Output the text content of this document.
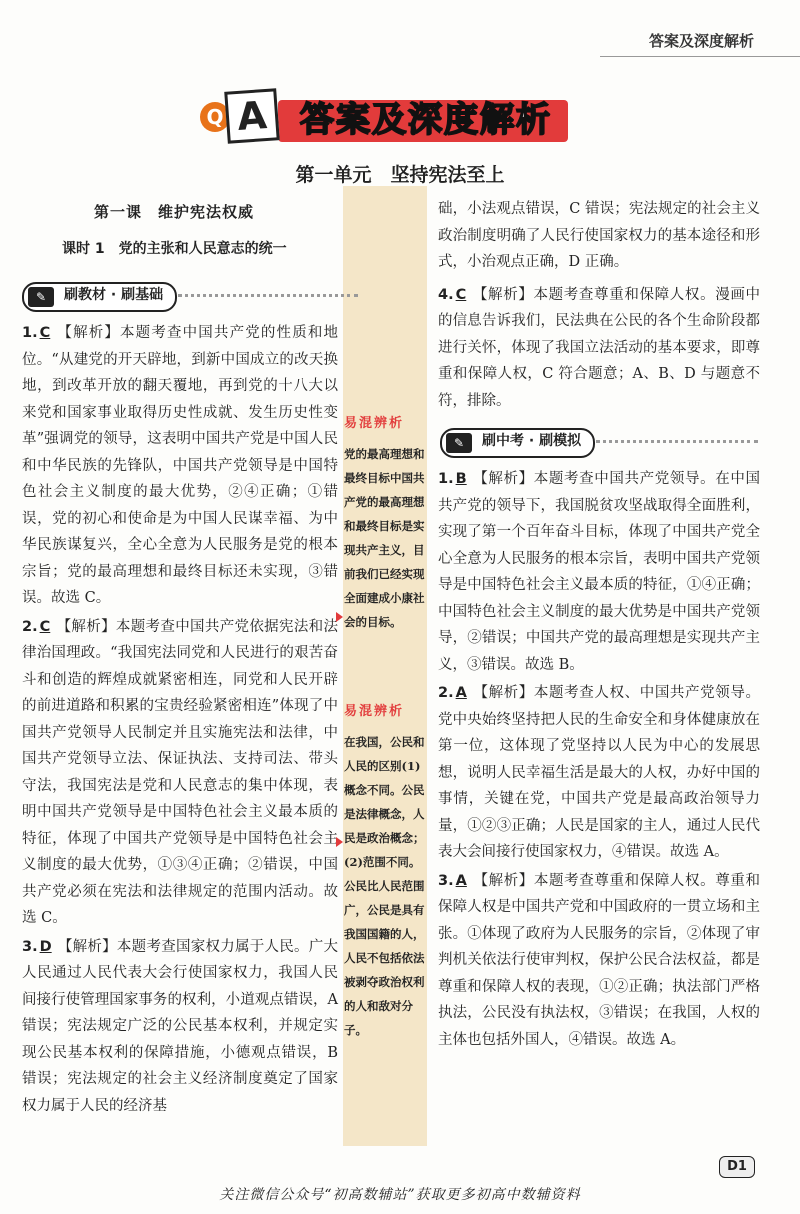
答案及深度解析
Q A 答案及深度解析
第一单元　坚持宪法至上
第一课　维护宪法权威
课时 1　党的主张和人民意志的统一
✎	刷教材 · 刷基础

1. C 【解析】本题考查中国共产党的性质和地位。“从建党的开天辟地，到新中国成立的改天换地，到改革开放的翻天覆地，再到党的十八大以来党和国家事业取得历史性成就、发生历史性变革”强调党的领导，这表明中国共产党是中国人民和中华民族的先锋队，中国共产党领导是中国特色社会主义制度的最大优势，②④正确；①错误，党的初心和使命是为中国人民谋幸福、为中华民族谋复兴，全心全意为人民服务是党的根本宗旨；党的最高理想和最终目标还未实现，③错误。故选 C。

2. C 【解析】本题考查中国共产党依据宪法和法律治国理政。“我国宪法同党和人民进行的艰苦奋斗和创造的辉煌成就紧密相连，同党和人民开辟的前进道路和积累的宝贵经验紧密相连”体现了中国共产党领导人民制定并且实施宪法和法律，中国共产党领导立法、保证执法、支持司法、带头守法，我国宪法是党和人民意志的集中体现，表明中国共产党领导是中国特色社会主义最本质的特征，体现了中国共产党领导是中国特色社会主义制度的最大优势，①③④正确；②错误，中国共产党必须在宪法和法律规定的范围内活动。故选 C。

3. D 【解析】本题考查国家权力属于人民。广大人民通过人民代表大会行使国家权力，我国人民间接行使管理国家事务的权利，小道观点错误，A 错误；宪法规定广泛的公民基本权利，并规定实现公民基本权利的保障措施，小德观点错误，B 错误；宪法规定的社会主义经济制度奠定了国家权力属于人民的经济基

易混辨析
党的最高理想和最终目标中国共产党的最高理想和最终目标是实现共产主义，目前我们已经实现全面建成小康社会的目标。
易混辨析
在我国，公民和人民的区别(1)概念不同。公民是法律概念，人民是政治概念；(2)范围不同。公民比人民范围广，公民是具有我国国籍的人，人民不包括依法被剥夺政治权利的人和敌对分子。

础，小法观点错误，C 错误；宪法规定的社会主义政治制度明确了人民行使国家权力的基本途径和形式，小治观点正确，D 正确。

4. C 【解析】本题考查尊重和保障人权。漫画中的信息告诉我们，民法典在公民的各个生命阶段都进行关怀，体现了我国立法活动的基本要求，即尊重和保障人权，C 符合题意；A、B、D 与题意不符，排除。

✎	刷中考 · 刷模拟

1. B 【解析】本题考查中国共产党领导。在中国共产党的领导下，我国脱贫攻坚战取得全面胜利，实现了第一个百年奋斗目标，体现了中国共产党全心全意为人民服务的根本宗旨，表明中国共产党领导是中国特色社会主义最本质的特征，①④正确；中国特色社会主义制度的最大优势是中国共产党领导，②错误；中国共产党的最高理想是实现共产主义，③错误。故选 B。

2. A 【解析】本题考查人权、中国共产党领导。党中央始终坚持把人民的生命安全和身体健康放在第一位，这体现了党坚持以人民为中心的发展思想，说明人民幸福生活是最大的人权，办好中国的事情，关键在党，中国共产党是最高政治领导力量，①②③正确；人民是国家的主人，通过人民代表大会间接行使国家权力，④错误。故选 A。

3. A 【解析】本题考查尊重和保障人权。尊重和保障人权是中国共产党和中国政府的一贯立场和主张。①体现了政府为人民服务的宗旨，②体现了审判机关依法行使审判权，保护公民合法权益，都是尊重和保障人权的表现，①②正确；执法部门严格执法，公民没有执法权，③错误；在我国，人权的主体也包括外国人，④错误。故选 A。

D1
关注微信公众号“初高数辅站”获取更多初高中数辅资料
